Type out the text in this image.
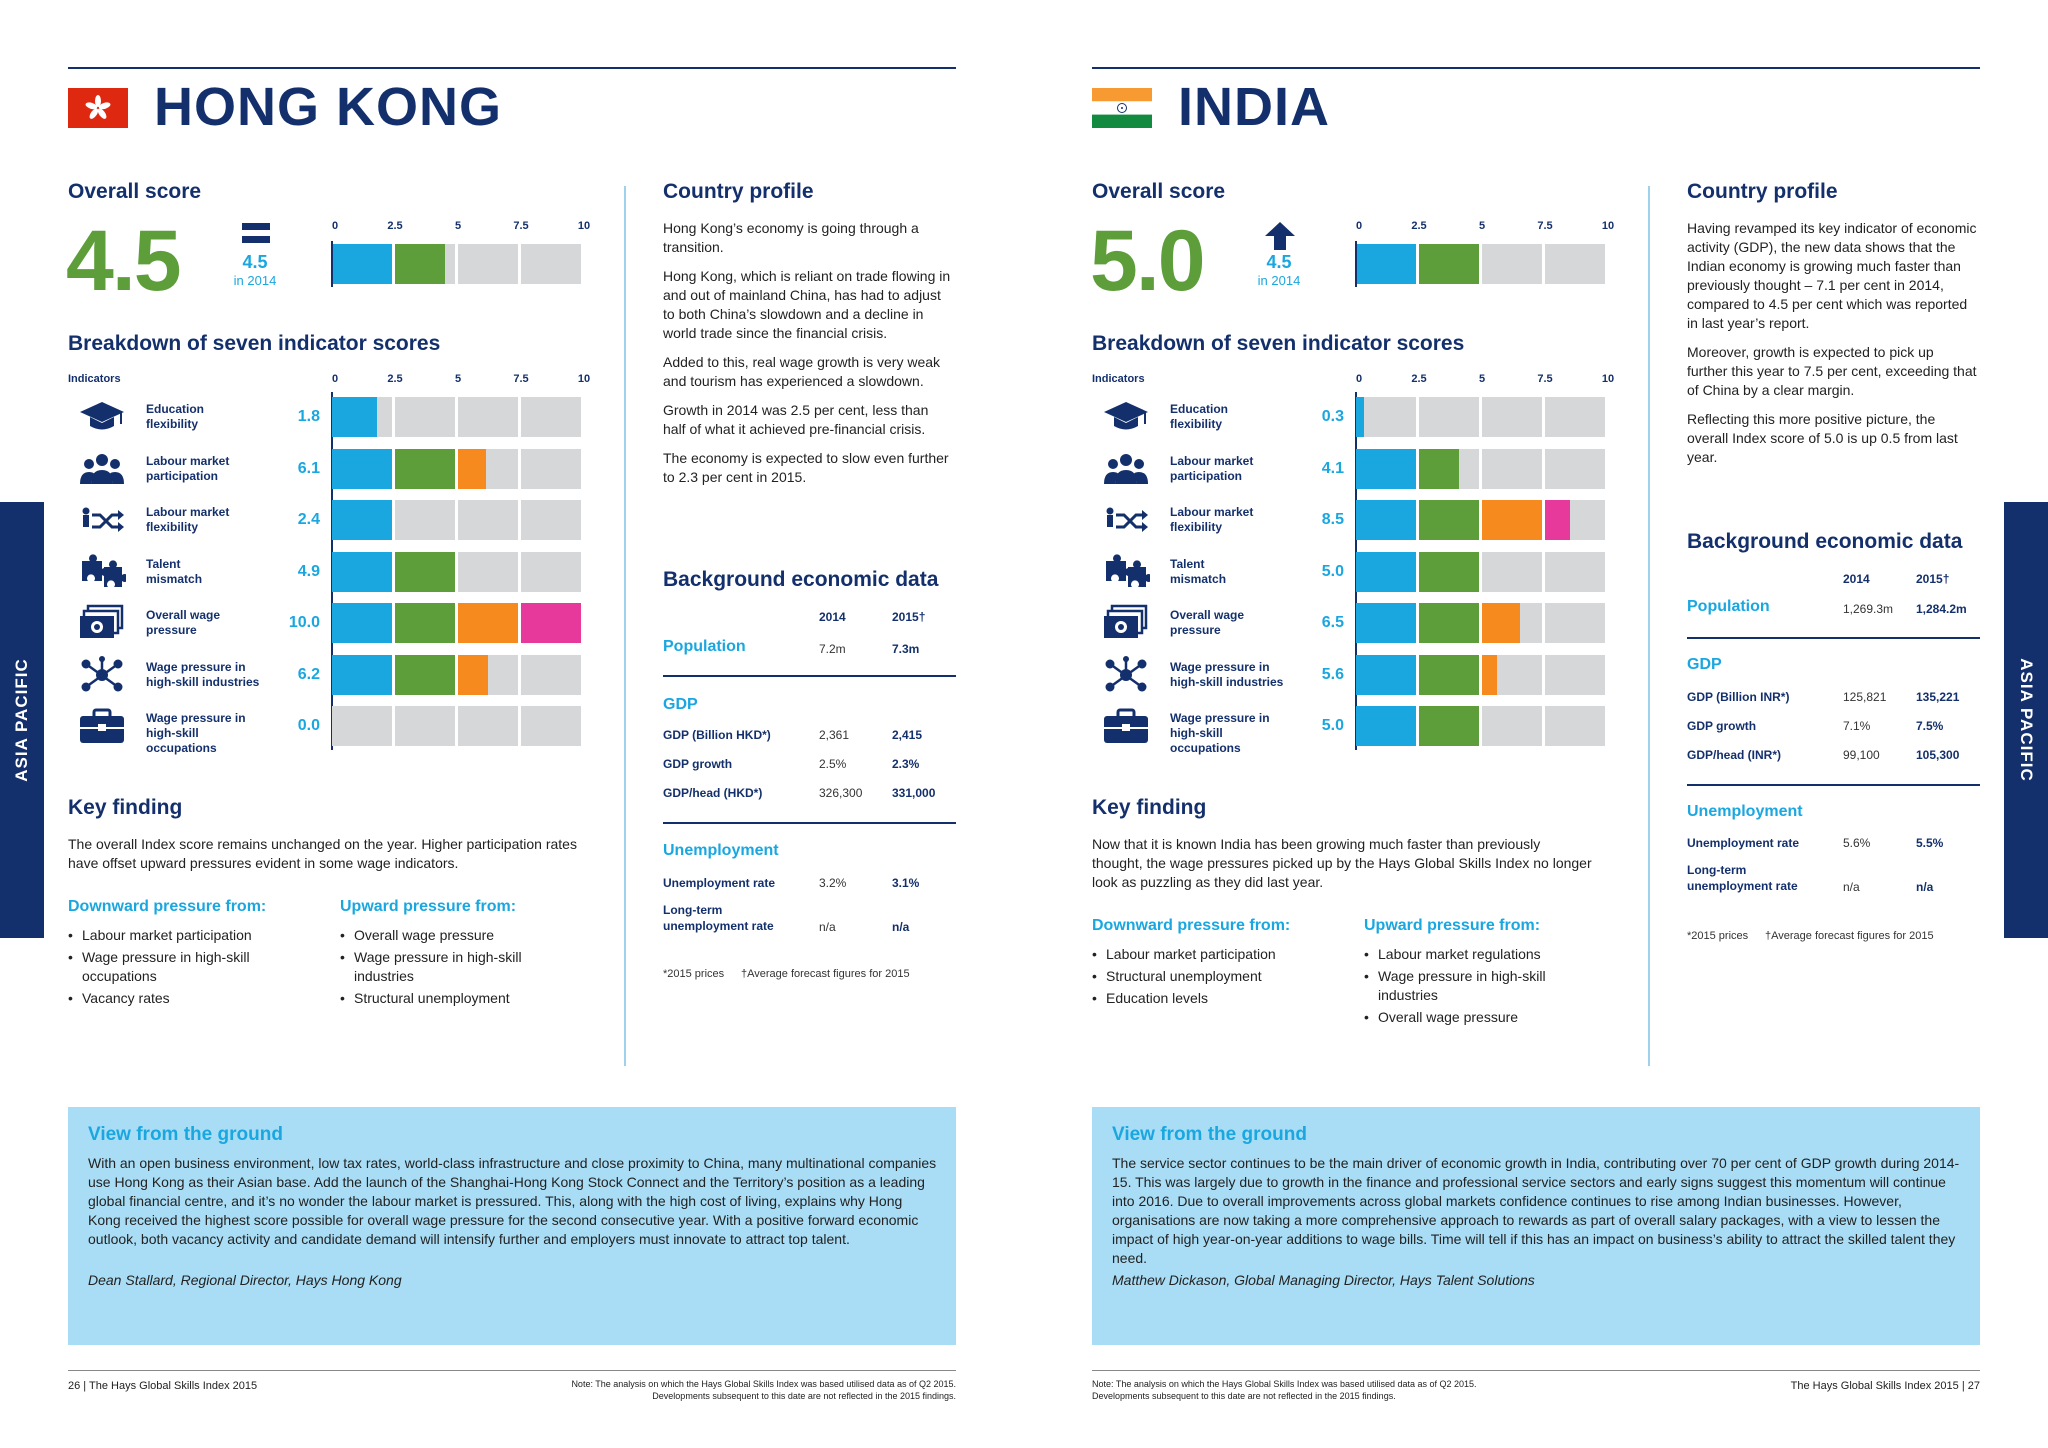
HONG KONG
Overall score
4.5	4.5
in 2014
0	2.5	5	7.5	10
Breakdown of seven indicator scores
Indicators	0	2.5	5	7.5	10
Key finding
The overall Index score remains unchanged on the year. Higher participation rates have offset upward pressures evident in some wage indicators.
Downward pressure from:
• Labour market participation
• Wage pressure in high-skill occupations
• Vacancy rates
Upward pressure from:
• Overall wage pressure
• Wage pressure in high-skill industries
• Structural unemployment
Country profile

Hong Kong’s economy is going through a transition.

Hong Kong, which is reliant on trade flowing in and out of mainland China, has had to adjust to both China’s slowdown and a decline in world trade since the financial crisis.

Added to this, real wage growth is very weak and tourism has experienced a slowdown.

Growth in 2014 was 2.5 per cent, less than half of what it achieved pre-financial crisis.

The economy is expected to slow even further to 2.3 per cent in 2015.

Background economic data
2014	2015†
Population	7.2m	7.3m
GDP
GDP (Billion HKD*)	2,361	2,415
GDP growth	2.5%	2.3%
GDP/head (HKD*)	326,300 331,000
Unemployment
Unemployment rate	3.2%	3.1%
Long-term
unemployment rate	n/a	n/a
*2015 prices †Average forecast figures for 2015
View from the ground
With an open business environment, low tax rates, world-class infrastructure and close proximity to China, many multinational companies use Hong Kong as their Asian base. Add the launch of the Shanghai-Hong Kong Stock Connect and the Territory’s position as a leading global financial centre, and it’s no wonder the labour market is pressured. This, along with the high cost of living, explains why Hong Kong received the highest score possible for overall wage pressure for the second consecutive year. With a positive forward economic outlook, both vacancy activity and candidate demand will intensify further and employers must innovate to attract top talent.
Dean Stallard, Regional Director, Hays Hong Kong
26 | The Hays Global Skills Index 2015	Note: The analysis on which the Hays Global Skills Index was based utilised data as of Q2 2015.
Developments subsequent to this date are not reflected in the 2015 findings.
ASIA PACIFIC
Education
flexibility	1.8
Labour market
participation	6.1
Labour market
flexibility	2.4
Talent
mismatch	4.9
Overall wage
pressure	10.0
Wage pressure in
high-skill industries	6.2
Wage pressure in
high-skill occupations
0.0
INDIA
Overall score
5.0	4.5
in 2014
0	2.5	5	7.5	10
Breakdown of seven indicator scores
Indicators	0	2.5	5	7.5	10
Key finding
Now that it is known India has been growing much faster than previously thought, the wage pressures picked up by the Hays Global Skills Index no longer look as puzzling as they did last year.
Downward pressure from:
• Labour market participation
• Structural unemployment
• Education levels
Upward pressure from:
• Labour market regulations
• Wage pressure in high-skill industries
• Overall wage pressure
Country profile

Having revamped its key indicator of economic activity (GDP), the new data shows that the Indian economy is growing much faster than previously thought – 7.1 per cent in 2014, compared to 4.5 per cent which was reported in last year’s report.

Moreover, growth is expected to pick up further this year to 7.5 per cent, exceeding that of China by a clear margin.

Reflecting this more positive picture, the overall Index score of 5.0 is up 0.5 from last year.

Background economic data
2014	2015†
Population	1,269.3m 1,284.2m
GDP
GDP (Billion INR*)	125,821 135,221
GDP growth	7.1%	7.5%
GDP/head (INR*)	99,100	105,300
Unemployment
Unemployment rate	5.6%	5.5%
Long-term
unemployment rate	n/a	n/a
*2015 prices †Average forecast figures for 2015
View from the ground
The service sector continues to be the main driver of economic growth in India, contributing over 70 per cent of GDP growth during 2014-15. This was largely due to growth in the finance and professional service sectors and early signs suggest this momentum will continue into 2016. Due to overall improvements across global markets confidence continues to rise among Indian businesses. However, organisations are now taking a more comprehensive approach to rewards as part of overall salary packages, with a view to lessen the impact of high year-on-year additions to wage bills. Time will tell if this has an impact on business’s ability to attract the skilled talent they need.
Matthew Dickason, Global Managing Director, Hays Talent Solutions
Note: The analysis on which the Hays Global Skills Index was based utilised data as of Q2 2015.
Developments subsequent to this date are not reflected in the 2015 findings.
The Hays Global Skills Index 2015 | 27
ASIA PACIFIC
Education
flexibility	0.3
Labour market
participation	4.1
Labour market
flexibility	8.5
Talent
mismatch	5.0
Overall wage
pressure	6.5
Wage pressure in
high-skill industries	5.6
Wage pressure in
high-skill occupations
5.0
